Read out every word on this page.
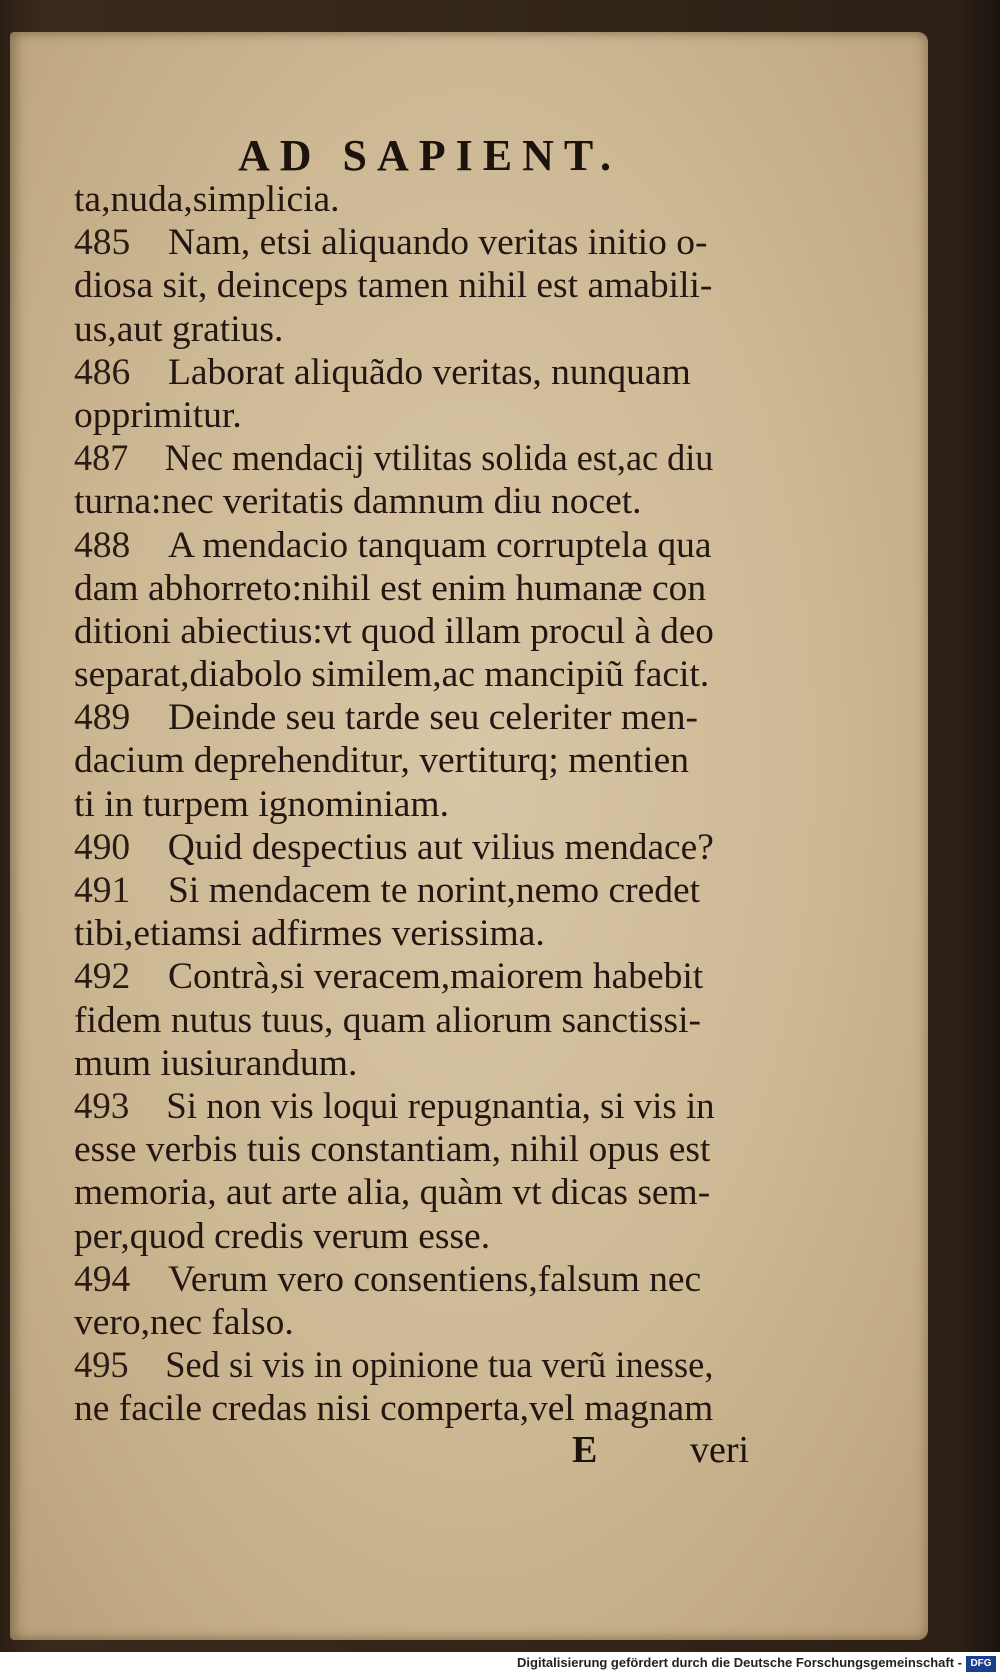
AD SAPIENT.
ta,nuda,simplicia.
485 Nam, etsi aliquando veritas initio o-
diosa sit, deinceps tamen nihil est amabili-
us,aut gratius.
486 Laborat aliquãdo veritas, nunquam
opprimitur.
487 Nec mendacij vtilitas solida est,ac diu
turna:nec veritatis damnum diu nocet.
488 A mendacio tanquam corruptela qua
dam abhorreto:nihil est enim humanæ con
ditioni abiectius:vt quod illam procul à deo
separat,diabolo similem,ac mancipiũ facit.
489 Deinde seu tarde seu celeriter men-
dacium deprehenditur, vertiturq; mentien
ti in turpem ignominiam.
490 Quid despectius aut vilius mendace?
491 Si mendacem te norint,nemo credet
tibi,etiamsi adfirmes verissima.
492 Contrà,si veracem,maiorem habebit
fidem nutus tuus, quam aliorum sanctissi-
mum iusiurandum.
493 Si non vis loqui repugnantia, si vis in
esse verbis tuis constantiam, nihil opus est
memoria, aut arte alia, quàm vt dicas sem-
per,quod credis verum esse.
494 Verum vero consentiens,falsum nec
vero,nec falso.
495 Sed si vis in opinione tua verũ inesse,
ne facile credas nisi comperta,vel magnam
E veri
Digitalisierung gefördert durch die Deutsche Forschungsgemeinschaft - DFG
